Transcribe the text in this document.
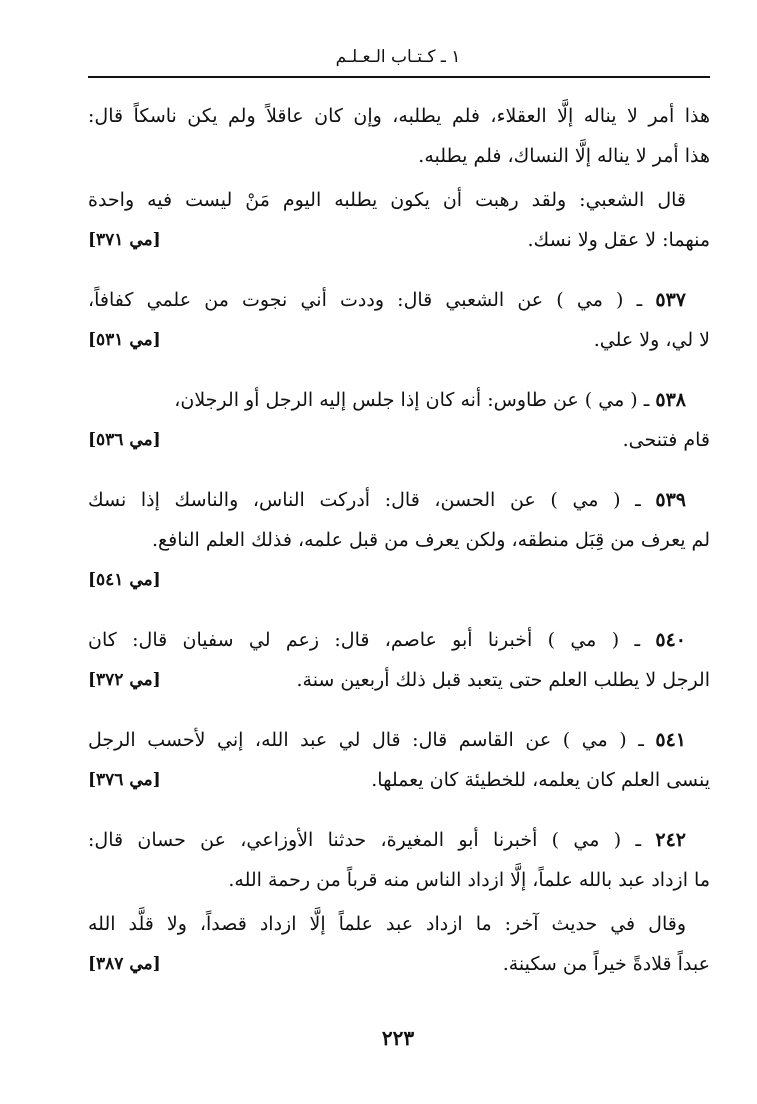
١ ـ كـتـاب الـعـلـم
هذا أمر لا يناله إلَّا العقلاء، فلم يطلبه، وإن كان عاقلاً ولم يكن ناسكاً قال:
هذا أمر لا يناله إلَّا النساك، فلم يطلبه.
قال الشعبي: ولقد رهبت أن يكون يطلبه اليوم مَنْ ليست فيه واحدة
منهما: لا عقل ولا نسك.
[مي ٣٧١]
٥٣٧ ـ ( مي ) عن الشعبي قال: وددت أني نجوت من علمي كفافاً،
لا لي، ولا علي.
[مي ٥٣١]
٥٣٨ ـ ( مي ) عن طاوس: أنه كان إذا جلس إليه الرجل أو الرجلان،
قام فتنحى.
[مي ٥٣٦]
٥٣٩ ـ ( مي ) عن الحسن، قال: أدركت الناس، والناسك إذا نسك
لم يعرف من قِبَل منطقه، ولكن يعرف من قبل علمه، فذلك العلم النافع.
[مي ٥٤١]
٥٤٠ ـ ( مي ) أخبرنا أبو عاصم، قال: زعم لي سفيان قال: كان
الرجل لا يطلب العلم حتى يتعبد قبل ذلك أربعين سنة.
[مي ٣٧٢]
٥٤١ ـ ( مي ) عن القاسم قال: قال لي عبد الله، إني لأحسب الرجل
ينسى العلم كان يعلمه، للخطيئة كان يعملها.
[مي ٣٧٦]
٢٤٢ ـ ( مي ) أخبرنا أبو المغيرة، حدثنا الأوزاعي، عن حسان قال:
ما ازداد عبد بالله علماً، إلَّا ازداد الناس منه قرباً من رحمة الله.
وقال في حديث آخر: ما ازداد عبد علماً إلَّا ازداد قصداً، ولا قلَّد الله
عبداً قلادةً خيراً من سكينة.
[مي ٣٨٧]
٢٢٣
